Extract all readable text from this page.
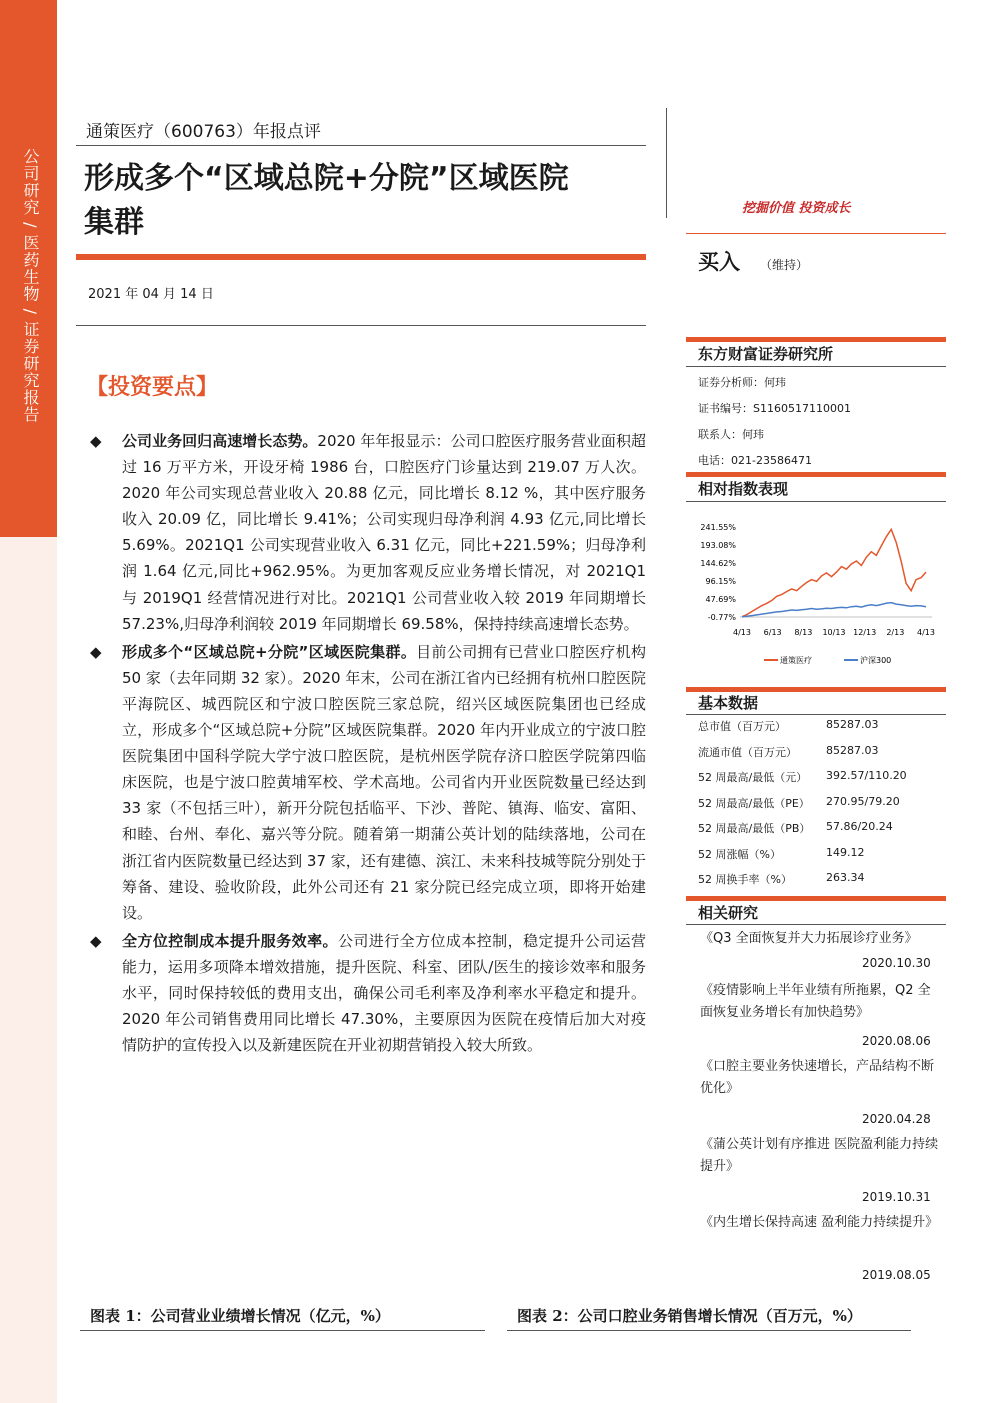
公司研究 / 医药生物 / 证券研究报告
通策医疗（600763）年报点评
形成多个“区域总院+分院”区域医院
集群
2021 年 04 月 14 日
【投资要点】
◆ 公司业务回归高速增长态势。2020 年年报显示：公司口腔医疗服务营业面积超过 16 万平方米，开设牙椅 1986 台，口腔医疗门诊量达到 219.07 万人次。2020 年公司实现总营业收入 20.88 亿元，同比增长 8.12 %，其中医疗服务收入 20.09 亿，同比增长 9.41%；公司实现归母净利润 4.93 亿元,同比增长 5.69%。2021Q1 公司实现营业收入 6.31 亿元，同比+221.59%；归母净利润 1.64 亿元,同比+962.95%。为更加客观反应业务增长情况，对 2021Q1 与 2019Q1 经营情况进行对比。2021Q1 公司营业收入较 2019 年同期增长 57.23%,归母净利润较 2019 年同期增长 69.58%，保持持续高速增长态势。
◆ 形成多个“区域总院+分院”区域医院集群。目前公司拥有已营业口腔医疗机构 50 家（去年同期 32 家）。2020 年末，公司在浙江省内已经拥有杭州口腔医院平海院区、城西院区和宁波口腔医院三家总院，绍兴区域医院集团也已经成立，形成多个“区域总院+分院”区域医院集群。2020 年内开业成立的宁波口腔医院集团中国科学院大学宁波口腔医院，是杭州医学院存济口腔医学院第四临床医院，也是宁波口腔黄埔军校、学术高地。公司省内开业医院数量已经达到 33 家（不包括三叶），新开分院包括临平、下沙、普陀、镇海、临安、富阳、和睦、台州、奉化、嘉兴等分院。随着第一期蒲公英计划的陆续落地，公司在浙江省内医院数量已经达到 37 家，还有建德、滨江、未来科技城等院分别处于筹备、建设、验收阶段，此外公司还有 21 家分院已经完成立项，即将开始建设。
◆ 全方位控制成本提升服务效率。公司进行全方位成本控制，稳定提升公司运营能力，运用多项降本增效措施，提升医院、科室、团队/医生的接诊效率和服务水平，同时保持较低的费用支出，确保公司毛利率及净利率水平稳定和提升。2020 年公司销售费用同比增长 47.30%，主要原因为医院在疫情后加大对疫情防护的宣传投入以及新建医院在开业初期营销投入较大所致。
挖掘价值 投资成长
买入 （维持）
东方财富证券研究所
证券分析师：何玮
证书编号：S1160517110001
联系人：何玮
电话：021-23586471
相对指数表现
241.55%
193.08%
144.62%
96.15%
47.69%
-0.77%
4/13 6/13 8/13 10/13 12/13 2/13 4/13
通策医疗	沪深300
基本数据
总市值（百万元）	85287.03
流通市值（百万元）	85287.03
52 周最高/最低（元） 392.57/110.20
52 周最高/最低（PE） 270.95/79.20
52 周最高/最低（PB） 57.86/20.24
52 周涨幅（%）	149.12
52 周换手率（%）	263.34
相关研究
《Q3 全面恢复并大力拓展诊疗业务》
2020.10.30
《疫情影响上半年业绩有所拖累，Q2 全面恢复业务增长有加快趋势》
2020.08.06
《口腔主要业务快速增长，产品结构不断优化》
2020.04.28
《蒲公英计划有序推进 医院盈利能力持续提升》
2019.10.31
《内生增长保持高速 盈利能力持续提升》
2019.08.05
图表 1：公司营业业绩增长情况（亿元，%）	图表 2：公司口腔业务销售增长情况（百万元，%）
